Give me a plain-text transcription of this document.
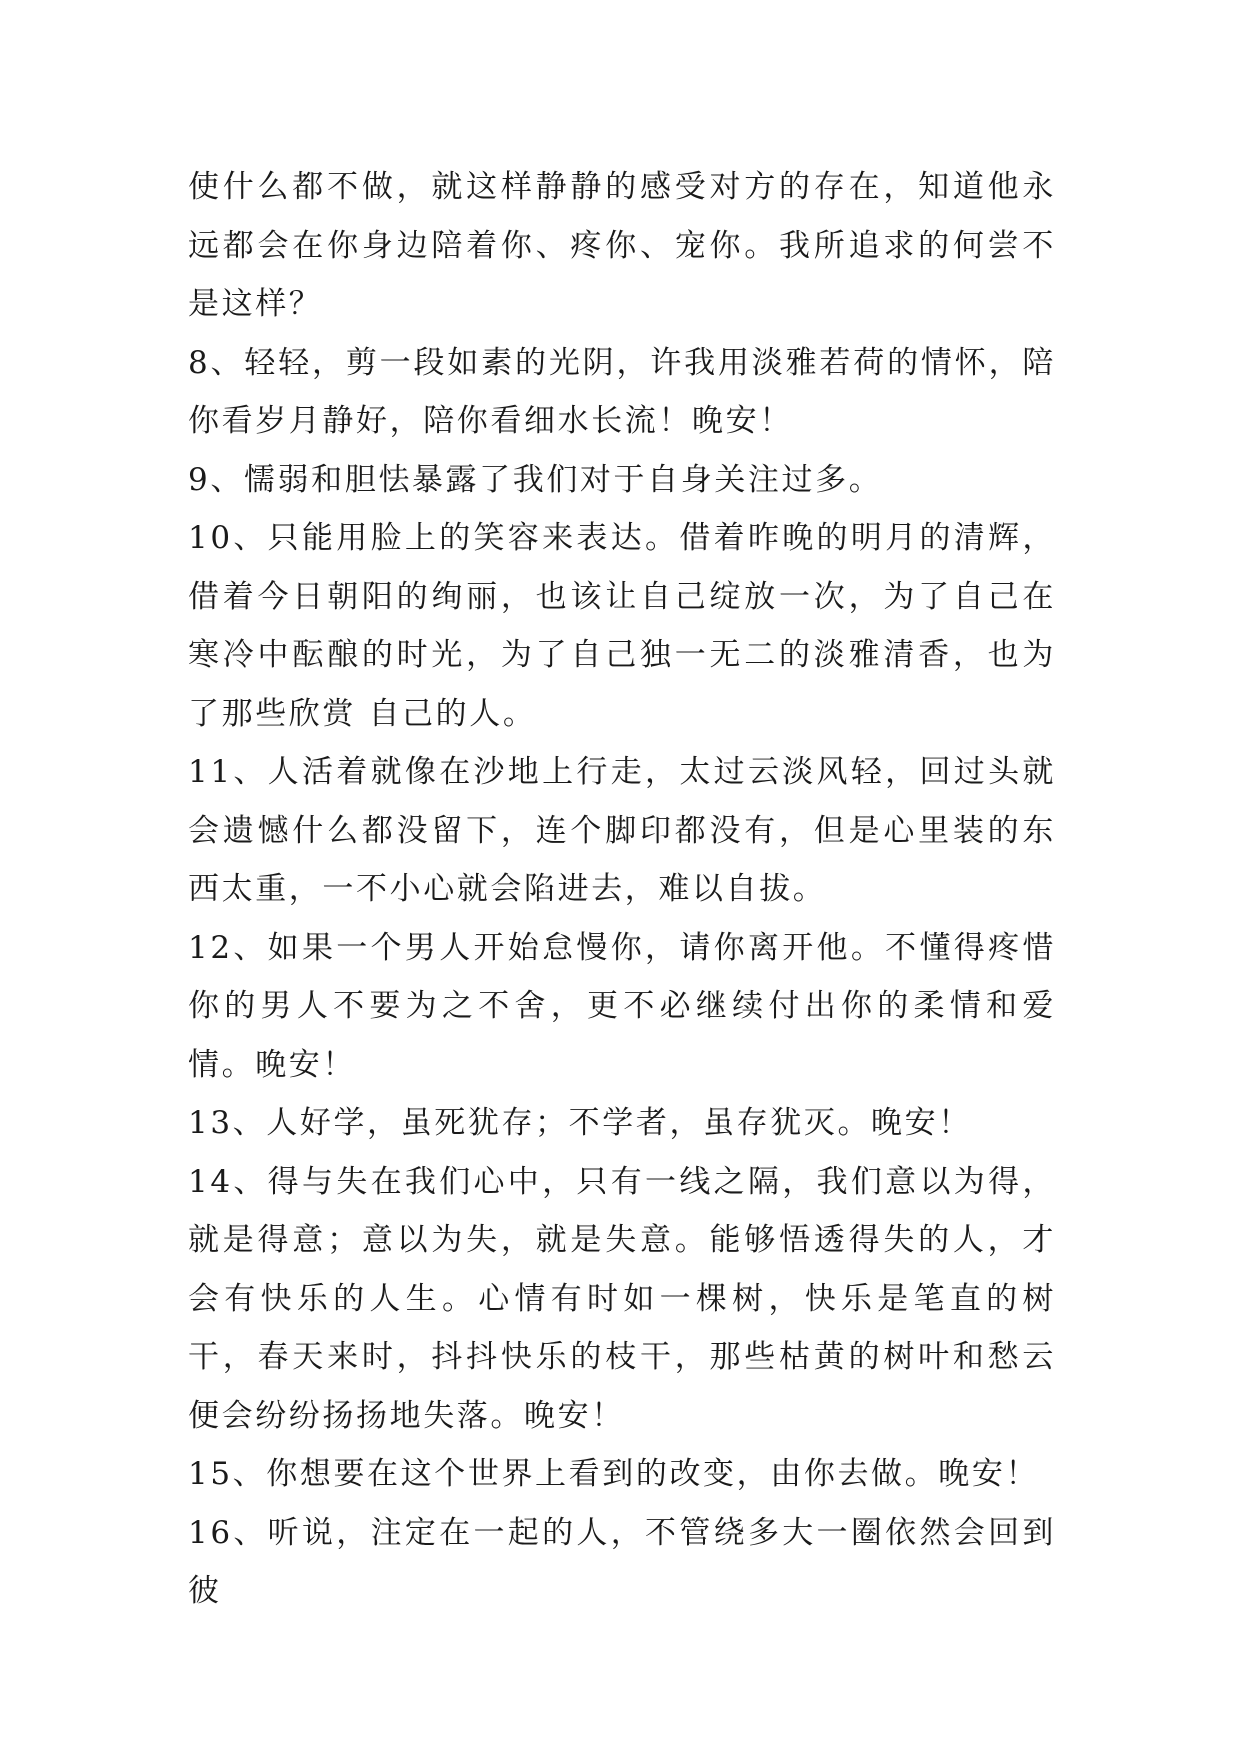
使什么都不做，就这样静静的感受对方的存在，知道他永远都会在你身边陪着你、疼你、宠你。我所追求的何尝不是这样？

8、轻轻，剪一段如素的光阴，许我用淡雅若荷的情怀，陪你看岁月静好，陪你看细水长流！晚安！

9、懦弱和胆怯暴露了我们对于自身关注过多。

10、只能用脸上的笑容来表达。借着昨晚的明月的清辉，借着今日朝阳的绚丽，也该让自己绽放一次，为了自己在寒冷中酝酿的时光，为了自己独一无二的淡雅清香，也为了那些欣赏 自己的人。

11、人活着就像在沙地上行走，太过云淡风轻，回过头就会遗憾什么都没留下，连个脚印都没有，但是心里装的东西太重，一不小心就会陷进去，难以自拔。

12、如果一个男人开始怠慢你，请你离开他。不懂得疼惜你的男人不要为之不舍，更不必继续付出你的柔情和爱情。晚安！

13、人好学，虽死犹存；不学者，虽存犹灭。晚安！

14、得与失在我们心中，只有一线之隔，我们意以为得，就是得意；意以为失，就是失意。能够悟透得失的人，才会有快乐的人生。心情有时如一棵树，快乐是笔直的树干，春天来时，抖抖快乐的枝干，那些枯黄的树叶和愁云便会纷纷扬扬地失落。晚安！

15、你想要在这个世界上看到的改变，由你去做。晚安！

16、听说，注定在一起的人，不管绕多大一圈依然会回到彼
